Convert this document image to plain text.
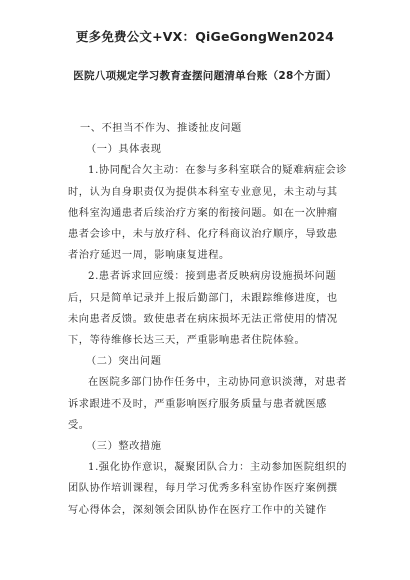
更多免费公文+VX：QiGeGongWen2024
医院八项规定学习教育查摆问题清单台账（28个方面）

一、不担当不作为、推诿扯皮问题

（一）具体表现

1.协同配合欠主动：在参与多科室联合的疑难病症会诊时，认为自身职责仅为提供本科室专业意见，未主动与其他科室沟通患者后续治疗方案的衔接问题。如在一次肿瘤患者会诊中，未与放疗科、化疗科商议治疗顺序，导致患者治疗延迟一周，影响康复进程。

2.患者诉求回应缓：接到患者反映病房设施损坏问题后，只是简单记录并上报后勤部门，未跟踪维修进度，也未向患者反馈。致使患者在病床损坏无法正常使用的情况下，等待维修长达三天，严重影响患者住院体验。

（二）突出问题

在医院多部门协作任务中，主动协同意识淡薄，对患者诉求跟进不及时，严重影响医疗服务质量与患者就医感受。

（三）整改措施

1.强化协作意识，凝聚团队合力：主动参加医院组织的团队协作培训课程，每月学习优秀多科室协作医疗案例撰写心得体会，深刻领会团队协作在医疗工作中的关键作
